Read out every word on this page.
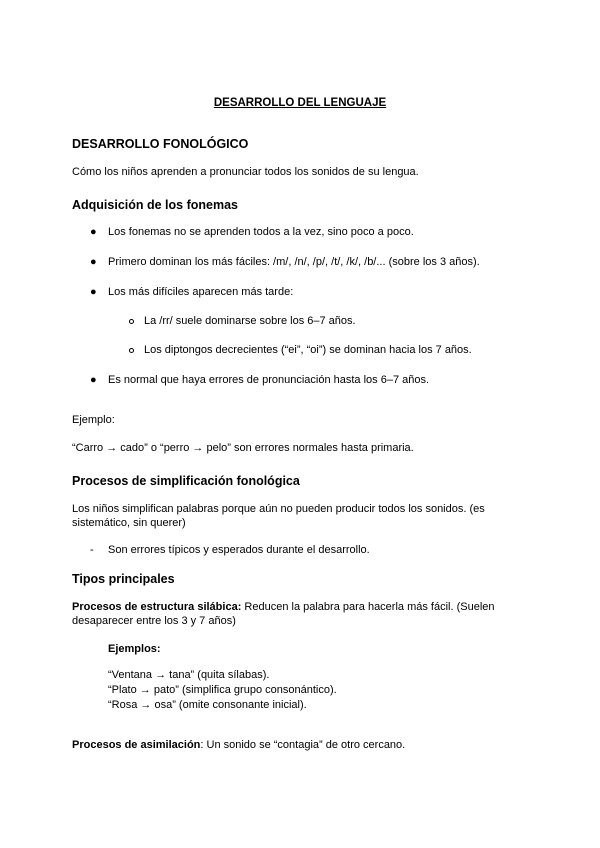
DESARROLLO DEL LENGUAJE
DESARROLLO FONOLÓGICO
Cómo los niños aprenden a pronunciar todos los sonidos de su lengua.
Adquisición de los fonemas
● Los fonemas no se aprenden todos a la vez, sino poco a poco.
● Primero dominan los más fáciles: /m/, /n/, /p/, /t/, /k/, /b/... (sobre los 3 años).
● Los más difíciles aparecen más tarde:
La /rr/ suele dominarse sobre los 6–7 años.
Los diptongos decrecientes (“ei”, “oi”) se dominan hacia los 7 años.
● Es normal que haya errores de pronunciación hasta los 6–7 años.
Ejemplo:
“Carro → cado” o “perro → pelo” son errores normales hasta primaria.
Procesos de simplificación fonológica
Los niños simplifican palabras porque aún no pueden producir todos los sonidos. (es
sistemático, sin querer)
- Son errores típicos y esperados durante el desarrollo.
Tipos principales
Procesos de estructura silábica: Reducen la palabra para hacerla más fácil. (Suelen
desaparecer entre los 3 y 7 años)
Ejemplos:
“Ventana → tana” (quita sílabas).
“Plato → pato” (simplifica grupo consonántico).
“Rosa → osa” (omite consonante inicial).
Procesos de asimilación: Un sonido se “contagia” de otro cercano.
